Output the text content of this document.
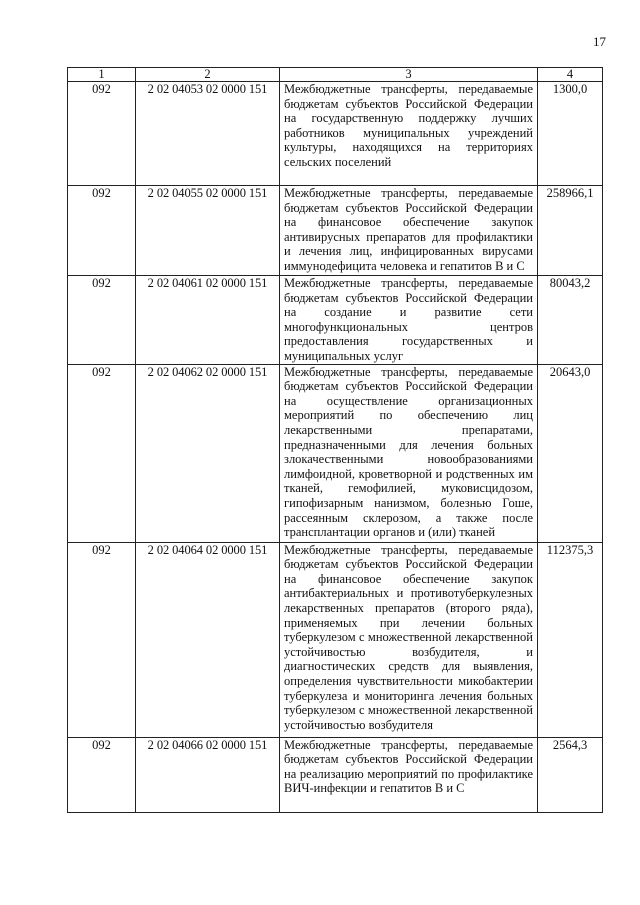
17
1	2	3	4
092	2 02 04053 02 0000 151	Межбюджетные трансферты, передаваемые бюджетам субъектов Российской Федерации на государственную поддержку лучших работников муниципальных учреждений культуры, находящихся на территориях сельских поселений	1300,0
092	2 02 04055 02 0000 151	Межбюджетные трансферты, передаваемые бюджетам субъектов Российской Федерации на финансовое обеспечение закупок антивирусных препаратов для профилактики и лечения лиц, инфицированных вирусами иммунодефицита человека и гепатитов В и С	258966,1
092	2 02 04061 02 0000 151	Межбюджетные трансферты, передаваемые бюджетам субъектов Российской Федерации на создание и развитие сети многофункциональных центров предоставления государственных и муниципальных услуг	80043,2
092	2 02 04062 02 0000 151	Межбюджетные трансферты, передаваемые бюджетам субъектов Российской Федерации на осуществление организационных мероприятий по обеспечению лиц лекарственными препаратами, предназначенными для лечения больных злокачественными новообразованиями лимфоидной, кроветворной и родственных им тканей, гемофилией, муковисцидозом, гипофизарным нанизмом, болезнью Гоше, рассеянным склерозом, а также после трансплантации органов и (или) тканей	20643,0
092	2 02 04064 02 0000 151	Межбюджетные трансферты, передаваемые бюджетам субъектов Российской Федерации на финансовое обеспечение закупок антибактериальных и противотуберкулезных лекарственных препаратов (второго ряда), применяемых при лечении больных туберкулезом с множественной лекарственной устойчивостью возбудителя, и диагностических средств для выявления, определения чувствительности микобактерии туберкулеза и мониторинга лечения больных туберкулезом с множественной лекарственной устойчивостью возбудителя	112375,3
092	2 02 04066 02 0000 151	Межбюджетные трансферты, передаваемые бюджетам субъектов Российской Федерации на реализацию мероприятий по профилактике ВИЧ-инфекции и гепатитов В и С	2564,3
